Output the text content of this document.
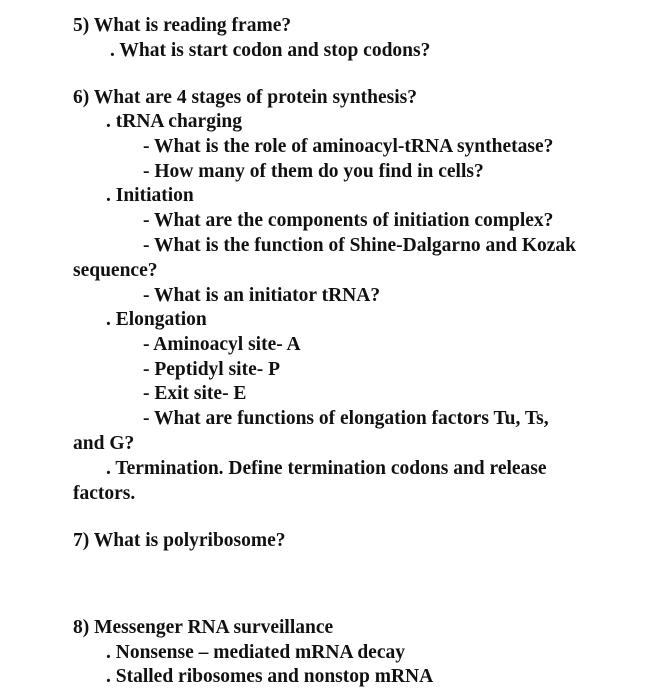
5) What is reading frame?
. What is start codon and stop codons?
6) What are 4 stages of protein synthesis?
. tRNA charging
- What is the role of aminoacyl-tRNA synthetase?
- How many of them do you find in cells?
. Initiation
- What are the components of initiation complex?
- What is the function of Shine-Dalgarno and Kozak
sequence?
- What is an initiator tRNA?
. Elongation
- Aminoacyl site- A
- Peptidyl site- P
- Exit site- E
- What are functions of elongation factors Tu, Ts,
and G?
. Termination. Define termination codons and release
factors.
7) What is polyribosome?
8) Messenger RNA surveillance
. Nonsense – mediated mRNA decay
. Stalled ribosomes and nonstop mRNA
